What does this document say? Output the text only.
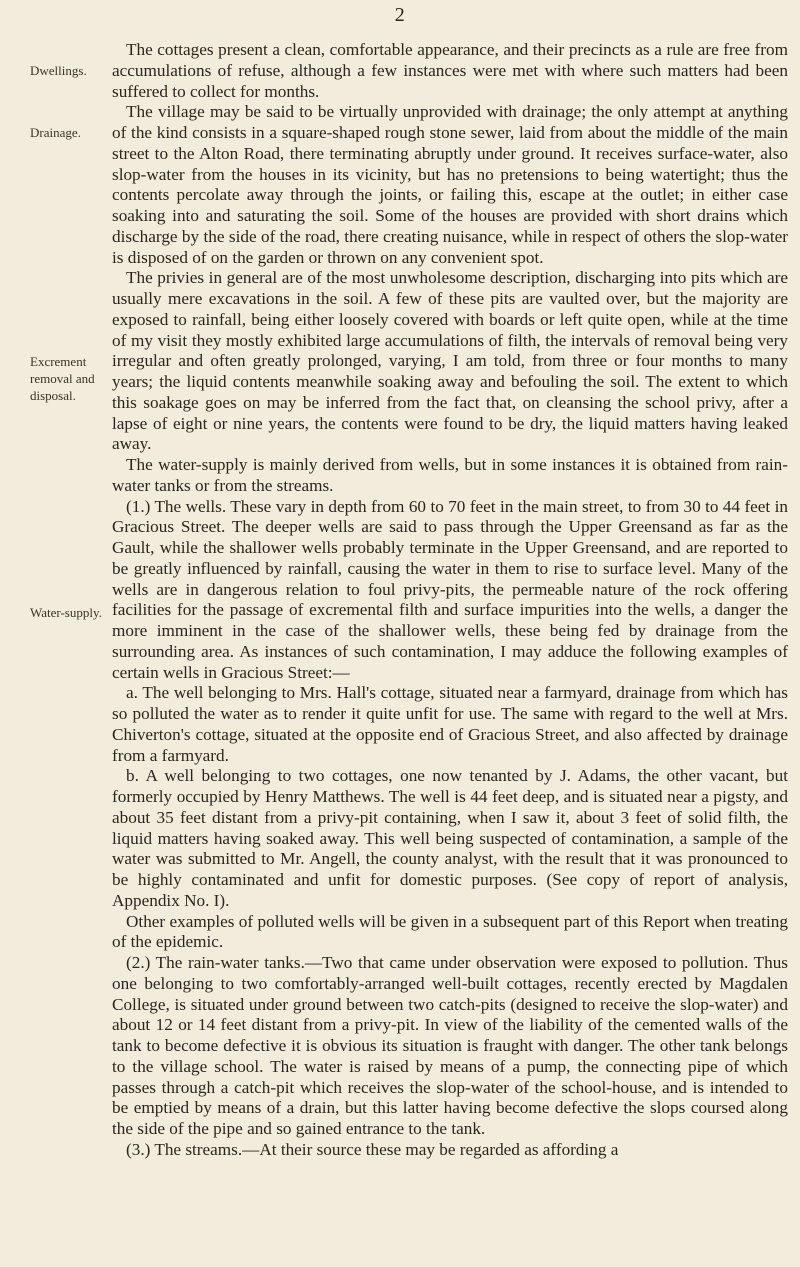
2
Dwellings.
Drainage.
Excrement removal and disposal.
Water-supply.

The cottages present a clean, comfortable appearance, and their precincts as a rule are free from accumulations of refuse, although a few instances were met with where such matters had been suffered to collect for months.

The village may be said to be virtually unprovided with drainage; the only attempt at anything of the kind consists in a square-shaped rough stone sewer, laid from about the middle of the main street to the Alton Road, there terminating abruptly under ground. It receives surface-water, also slop-water from the houses in its vicinity, but has no pretensions to being watertight; thus the contents percolate away through the joints, or failing this, escape at the outlet; in either case soaking into and saturating the soil. Some of the houses are provided with short drains which discharge by the side of the road, there creating nuisance, while in respect of others the slop-water is disposed of on the garden or thrown on any convenient spot.

The privies in general are of the most unwholesome description, discharging into pits which are usually mere excavations in the soil. A few of these pits are vaulted over, but the majority are exposed to rainfall, being either loosely covered with boards or left quite open, while at the time of my visit they mostly exhibited large accumulations of filth, the intervals of removal being very irregular and often greatly prolonged, varying, I am told, from three or four months to many years; the liquid contents meanwhile soaking away and befouling the soil. The extent to which this soakage goes on may be inferred from the fact that, on cleansing the school privy, after a lapse of eight or nine years, the contents were found to be dry, the liquid matters having leaked away.

The water-supply is mainly derived from wells, but in some instances it is obtained from rain-water tanks or from the streams.

(1.) The wells. These vary in depth from 60 to 70 feet in the main street, to from 30 to 44 feet in Gracious Street. The deeper wells are said to pass through the Upper Greensand as far as the Gault, while the shallower wells probably terminate in the Upper Greensand, and are reported to be greatly influenced by rainfall, causing the water in them to rise to surface level. Many of the wells are in dangerous relation to foul privy-pits, the permeable nature of the rock offering facilities for the passage of excremental filth and surface impurities into the wells, a danger the more imminent in the case of the shallower wells, these being fed by drainage from the surrounding area. As instances of such contamination, I may adduce the following examples of certain wells in Gracious Street:—

a. The well belonging to Mrs. Hall's cottage, situated near a farmyard, drainage from which has so polluted the water as to render it quite unfit for use. The same with regard to the well at Mrs. Chiverton's cottage, situated at the opposite end of Gracious Street, and also affected by drainage from a farmyard.

b. A well belonging to two cottages, one now tenanted by J. Adams, the other vacant, but formerly occupied by Henry Matthews. The well is 44 feet deep, and is situated near a pigsty, and about 35 feet distant from a privy-pit containing, when I saw it, about 3 feet of solid filth, the liquid matters having soaked away. This well being suspected of contamination, a sample of the water was submitted to Mr. Angell, the county analyst, with the result that it was pronounced to be highly contaminated and unfit for domestic purposes. (See copy of report of analysis, Appendix No. I).

Other examples of polluted wells will be given in a subsequent part of this Report when treating of the epidemic.

(2.) The rain-water tanks.—Two that came under observation were exposed to pollution. Thus one belonging to two comfortably-arranged well-built cottages, recently erected by Magdalen College, is situated under ground between two catch-pits (designed to receive the slop-water) and about 12 or 14 feet distant from a privy-pit. In view of the liability of the cemented walls of the tank to become defective it is obvious its situation is fraught with danger. The other tank belongs to the village school. The water is raised by means of a pump, the connecting pipe of which passes through a catch-pit which receives the slop-water of the school-house, and is intended to be emptied by means of a drain, but this latter having become defective the slops coursed along the side of the pipe and so gained entrance to the tank.

(3.) The streams.—At their source these may be regarded as affording a
